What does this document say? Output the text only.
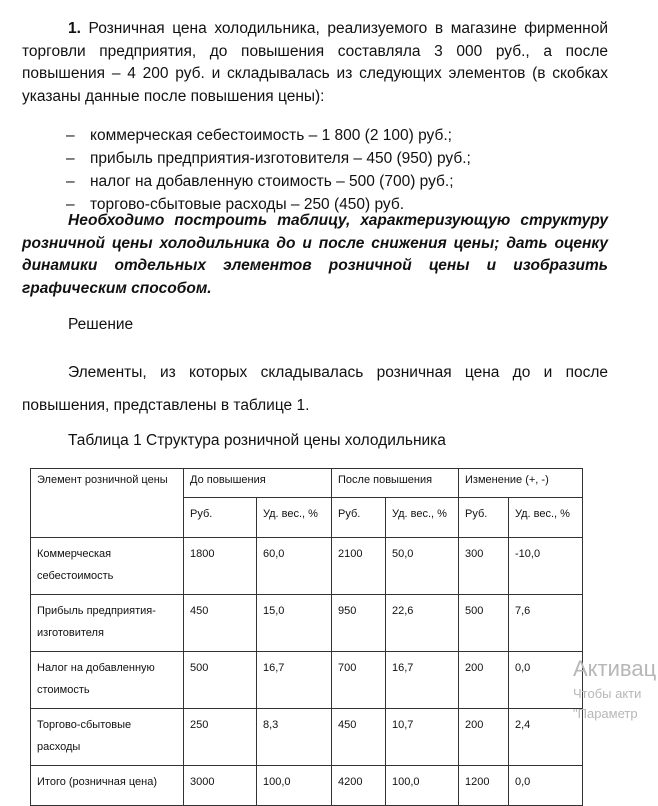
1. Розничная цена холодильника, реализуемого в магазине фирменной торговли предприятия, до повышения составляла 3 000 руб., а после повышения – 4 200 руб. и складывалась из следующих элементов (в скобках указаны данные после повышения цены):
– коммерческая себестоимость – 1 800 (2 100) руб.;
– прибыль предприятия-изготовителя – 450 (950) руб.;
– налог на добавленную стоимость – 500 (700) руб.;
– торгово-сбытовые расходы – 250 (450) руб.
Необходимо построить таблицу, характеризующую структуру розничной цены холодильника до и после снижения цены; дать оценку динамики отдельных элементов розничной цены и изобразить графическим способом.
Решение
Элементы, из которых складывалась розничная цена до и после повышения, представлены в таблице 1.
Таблица 1 Структура розничной цены холодильника
Элемент розничной цены	До повышения		После повышения		Изменение (+, -)	
	Руб.	Уд. вес., %	Руб.	Уд. вес., %	Руб.	Уд. вес., %
Коммерческая
себестоимость	1800	60,0	2100	50,0	300	-10,0
Прибыль предприятия-
изготовителя	450	15,0	950	22,6	500	7,6
Налог на добавленную
стоимость	500	16,7	700	16,7	200	0,0
Торгово-сбытовые
расходы	250	8,3	450	10,7	200	2,4
Итого (розничная цена)	3000	100,0	4200	100,0	1200	0,0
Активац
Чтобы акти
"Параметр
